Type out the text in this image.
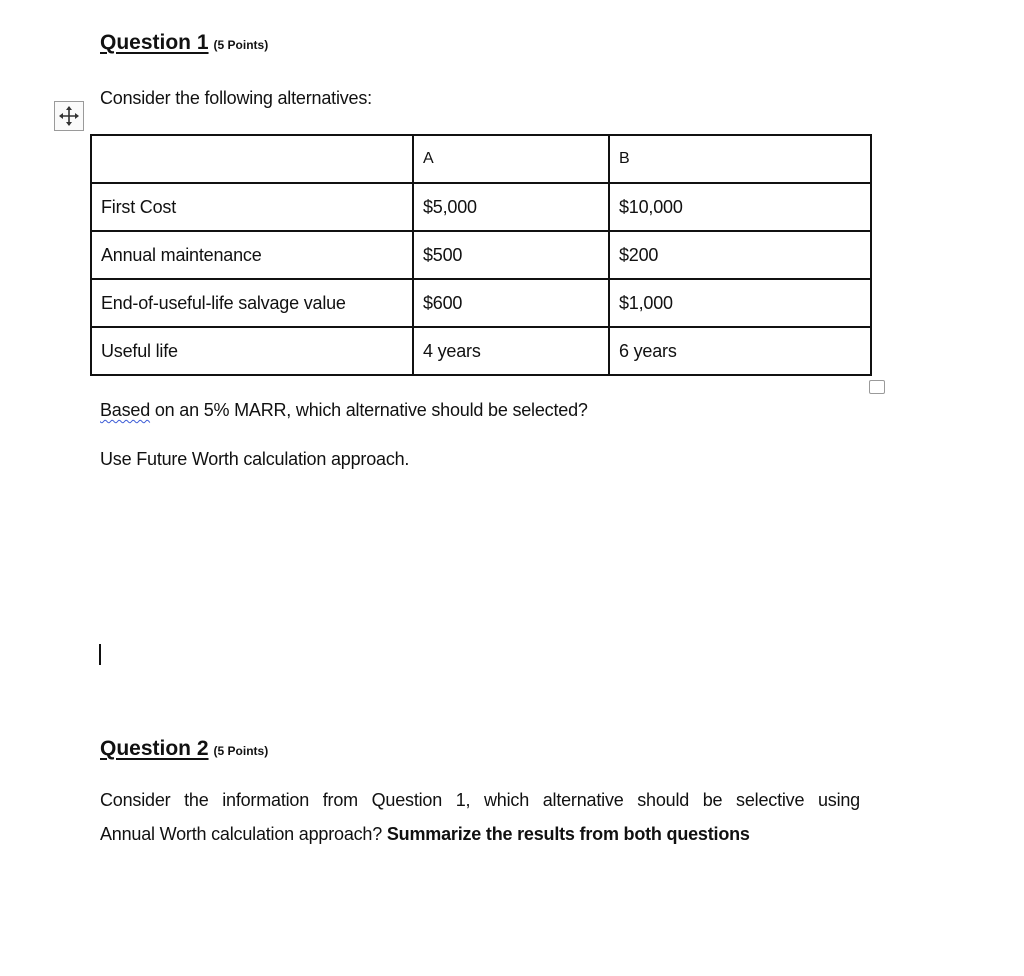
Question 1 (5 Points)
Consider the following alternatives:
	A	B
First Cost	$5,000	$10,000
Annual maintenance	$500	$200
End-of-useful-life salvage value	$600	$1,000
Useful life	4 years	6 years
Based on an 5% MARR, which alternative should be selected?
Use Future Worth calculation approach.
Question 2 (5 Points)
Consider the information from Question 1, which alternative should be selective using
Annual Worth calculation approach? Summarize the results from both questions
